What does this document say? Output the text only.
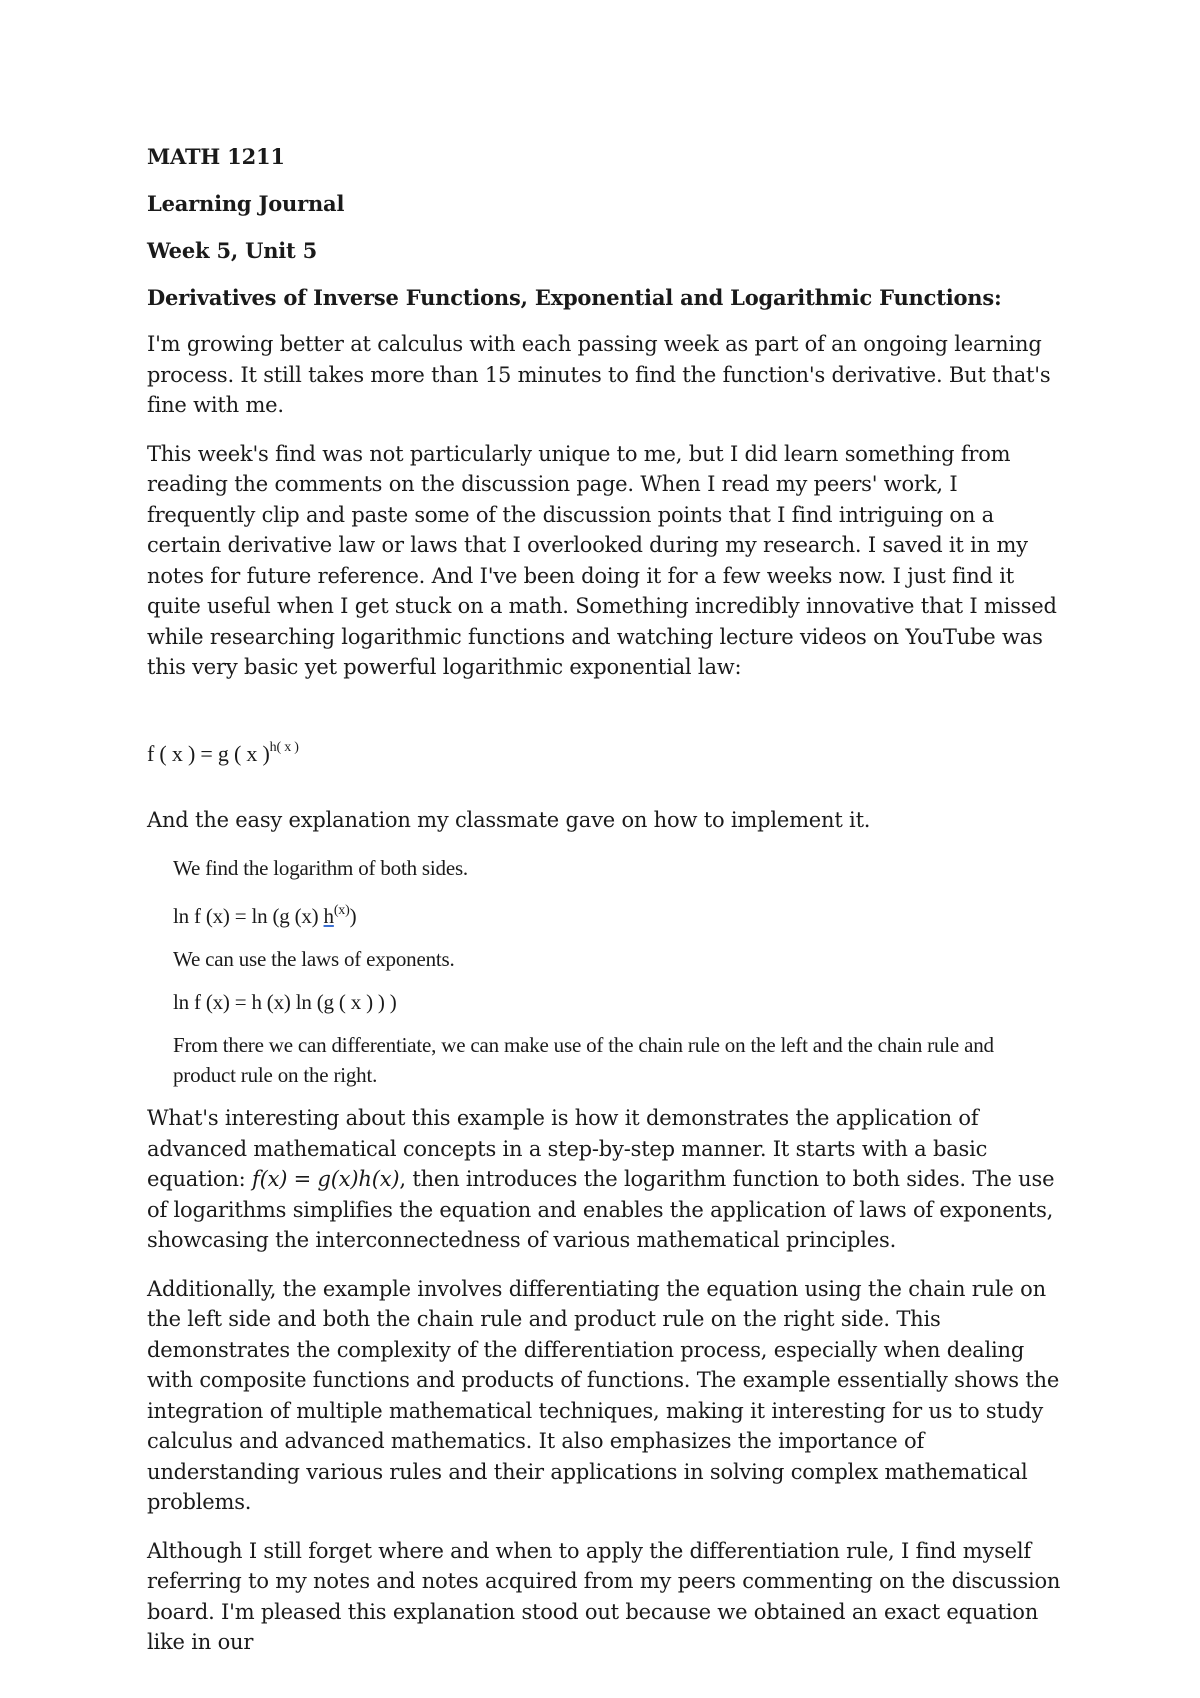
MATH 1211
Learning Journal
Week 5, Unit 5
Derivatives of Inverse Functions, Exponential and Logarithmic Functions:

I'm growing better at calculus with each passing week as part of an ongoing learning process. It still takes more than 15 minutes to find the function's derivative. But that's fine with me.

This week's find was not particularly unique to me, but I did learn something from reading the comments on the discussion page. When I read my peers' work, I frequently clip and paste some of the discussion points that I find intriguing on a certain derivative law or laws that I overlooked during my research. I saved it in my notes for future reference. And I've been doing it for a few weeks now. I just find it quite useful when I get stuck on a math. Something incredibly innovative that I missed while researching logarithmic functions and watching lecture videos on YouTube was this very basic yet powerful logarithmic exponential law:

f ( x ) = g ( x )$^{h( x )}$

And the easy explanation my classmate gave on how to implement it.

We find the logarithm of both sides.

ln f (x) = ln (g (x) $h^{(x)}$)

We can use the laws of exponents.

ln f (x) = h (x) ln (g ( x ) ) )

From there we can differentiate, we can make use of the chain rule on the left and the chain rule and product rule on the right.

What's interesting about this example is how it demonstrates the application of advanced mathematical concepts in a step-by-step manner. It starts with a basic equation: f(x) = g(x)h(x), then introduces the logarithm function to both sides. The use of logarithms simplifies the equation and enables the application of laws of exponents, showcasing the interconnectedness of various mathematical principles.

Additionally, the example involves differentiating the equation using the chain rule on the left side and both the chain rule and product rule on the right side. This demonstrates the complexity of the differentiation process, especially when dealing with composite functions and products of functions. The example essentially shows the integration of multiple mathematical techniques, making it interesting for us to study calculus and advanced mathematics. It also emphasizes the importance of understanding various rules and their applications in solving complex mathematical problems.

Although I still forget where and when to apply the differentiation rule, I find myself referring to my notes and notes acquired from my peers commenting on the discussion board. I'm pleased this explanation stood out because we obtained an exact equation like in our
